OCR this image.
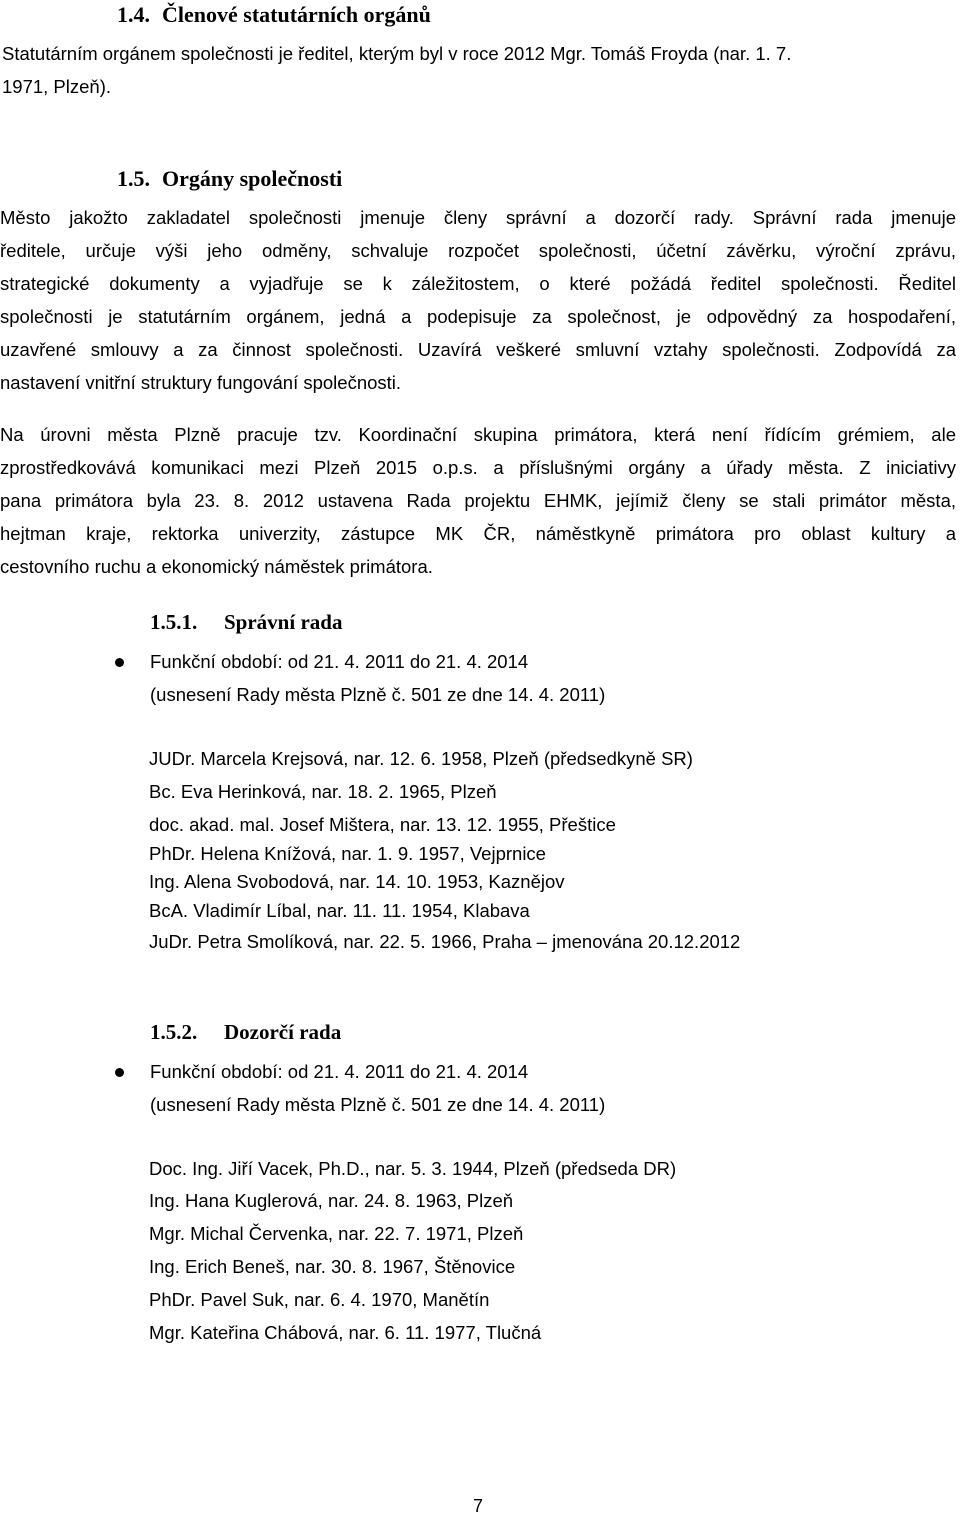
1.4. Členové statutárních orgánů
Statutárním orgánem společnosti je ředitel, kterým byl v roce 2012 Mgr. Tomáš Froyda (nar. 1. 7.
1971, Plzeň).
1.5. Orgány společnosti
Město jakožto zakladatel společnosti jmenuje členy správní a dozorčí rady. Správní rada jmenuje
ředitele, určuje výši jeho odměny, schvaluje rozpočet společnosti, účetní závěrku, výroční zprávu,
strategické dokumenty a vyjadřuje se k záležitostem, o které požádá ředitel společnosti. Ředitel
společnosti je statutárním orgánem, jedná a podepisuje za společnost, je odpovědný za hospodaření,
uzavřené smlouvy a za činnost společnosti. Uzavírá veškeré smluvní vztahy společnosti. Zodpovídá za
nastavení vnitřní struktury fungování společnosti.
Na úrovni města Plzně pracuje tzv. Koordinační skupina primátora, která není řídícím grémiem, ale
zprostředkovává komunikaci mezi Plzeň 2015 o.p.s. a příslušnými orgány a úřady města. Z iniciativy
pana primátora byla 23. 8. 2012 ustavena Rada projektu EHMK, jejímiž členy se stali primátor města,
hejtman kraje, rektorka univerzity, zástupce MK ČR, náměstkyně primátora pro oblast kultury a
cestovního ruchu a ekonomický náměstek primátora.
1.5.1. Správní rada
Funkční období: od 21. 4. 2011 do 21. 4. 2014
(usnesení Rady města Plzně č. 501 ze dne 14. 4. 2011)
JUDr. Marcela Krejsová, nar. 12. 6. 1958, Plzeň (předsedkyně SR)
Bc. Eva Herinková, nar. 18. 2. 1965, Plzeň
doc. akad. mal. Josef Mištera, nar. 13. 12. 1955, Přeštice
PhDr. Helena Knížová, nar. 1. 9. 1957, Vejprnice
Ing. Alena Svobodová, nar. 14. 10. 1953, Kaznějov
BcA. Vladimír Líbal, nar. 11. 11. 1954, Klabava
JuDr. Petra Smolíková, nar. 22. 5. 1966, Praha – jmenována 20.12.2012
1.5.2. Dozorčí rada
Funkční období: od 21. 4. 2011 do 21. 4. 2014
(usnesení Rady města Plzně č. 501 ze dne 14. 4. 2011)
Doc. Ing. Jiří Vacek, Ph.D., nar. 5. 3. 1944, Plzeň (předseda DR)
Ing. Hana Kuglerová, nar. 24. 8. 1963, Plzeň
Mgr. Michal Červenka, nar. 22. 7. 1971, Plzeň
Ing. Erich Beneš, nar. 30. 8. 1967, Štěnovice
PhDr. Pavel Suk, nar. 6. 4. 1970, Manětín
Mgr. Kateřina Chábová, nar. 6. 11. 1977, Tlučná
7
